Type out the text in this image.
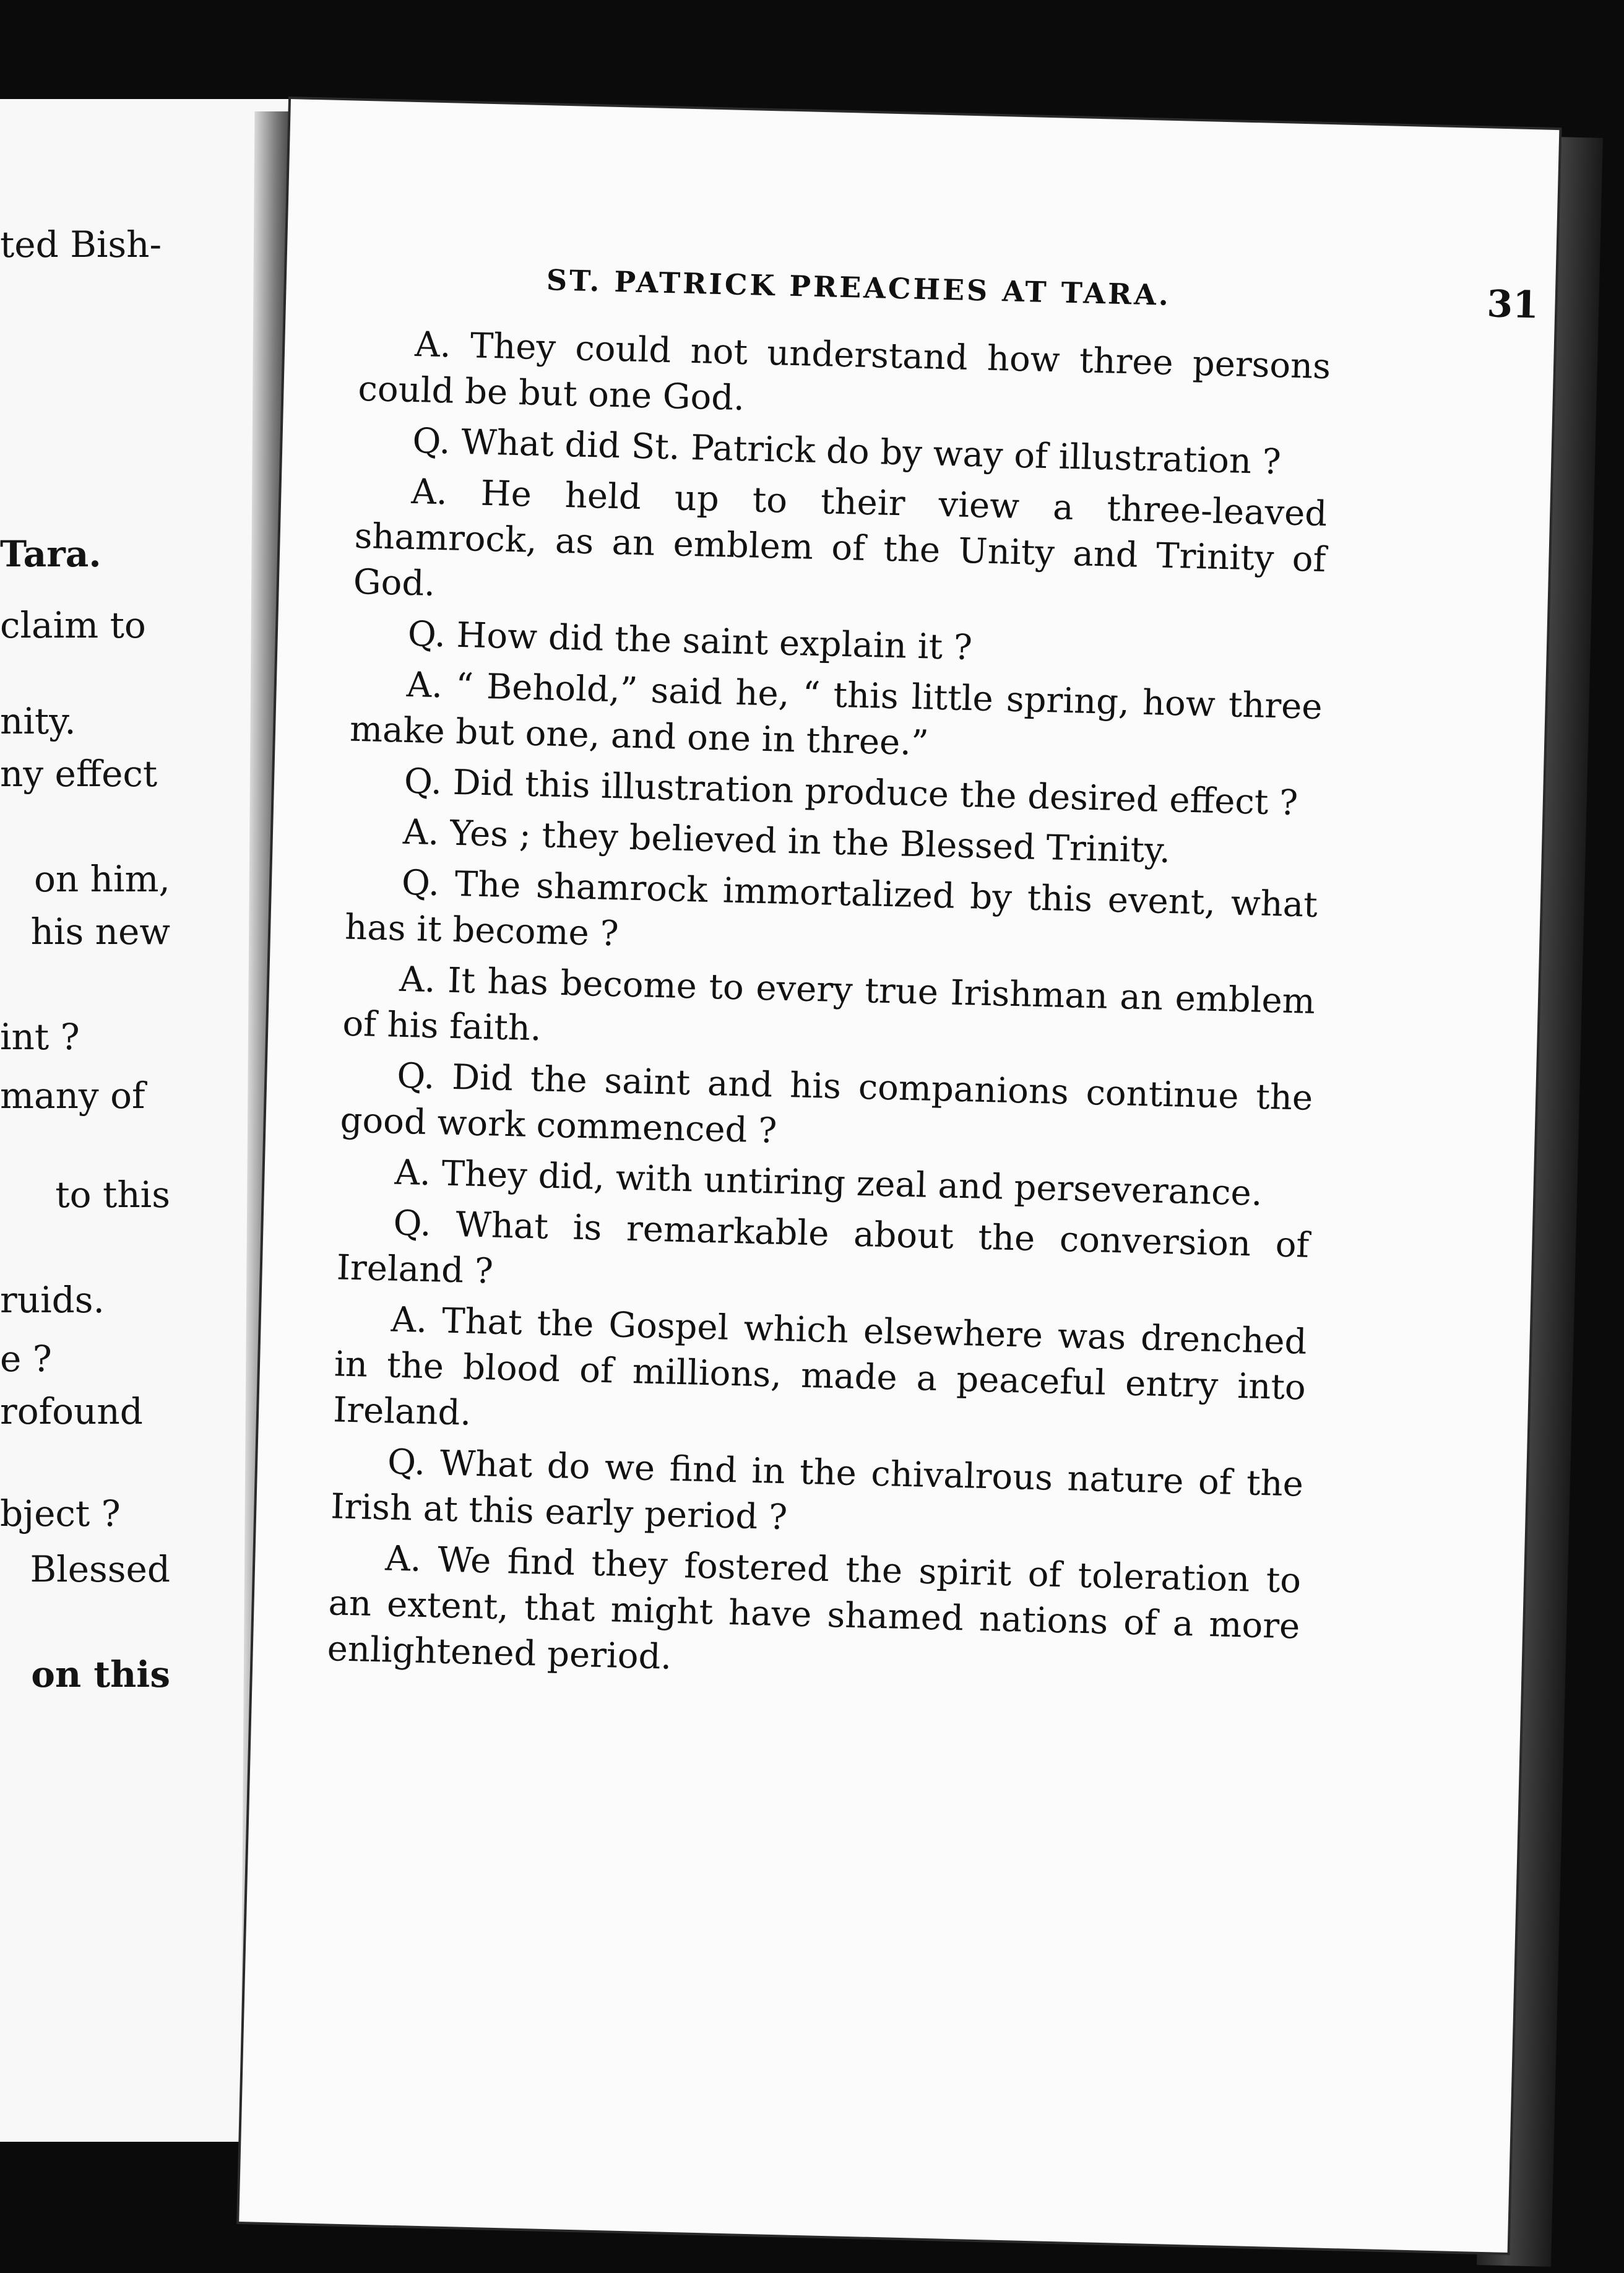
ted Bish-
Tara.
claim to
nity.
ny effect
on him,
his new
int ?
many of
to this
ruids.
e ?
rofound
bject ?
Blessed
on this
ST. PATRICK PREACHES AT TARA.	31

A. They could not understand how three persons could be but one God.

Q. What did St. Patrick do by way of illustration ?

A. He held up to their view a three-leaved shamrock, as an emblem of the Unity and Trinity of God.

Q. How did the saint explain it ?

A. “ Behold,” said he, “ this little spring, how three make but one, and one in three.”

Q. Did this illustration produce the desired effect ?

A. Yes ; they believed in the Blessed Trinity.

Q. The shamrock immortalized by this event, what has it become ?

A. It has become to every true Irishman an emblem of his faith.

Q. Did the saint and his companions continue the good work commenced ?

A. They did, with untiring zeal and perseverance.

Q. What is remarkable about the conversion of Ireland ?

A. That the Gospel which elsewhere was drenched in the blood of millions, made a peaceful entry into Ireland.

Q. What do we find in the chivalrous nature of the Irish at this early period ?

A. We find they fostered the spirit of toleration to an extent, that might have shamed nations of a more enlightened period.
